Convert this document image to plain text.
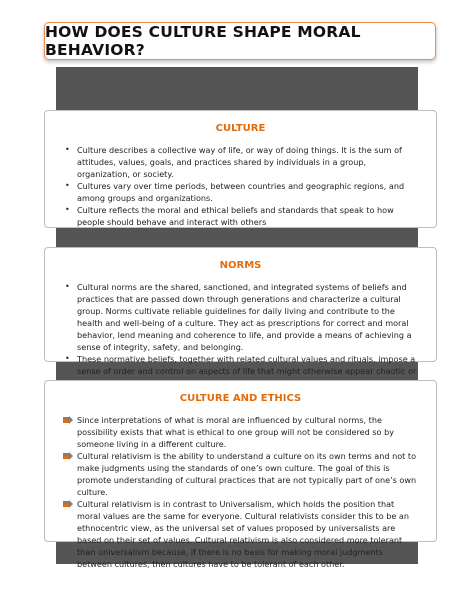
HOW DOES CULTURE SHAPE MORAL BEHAVIOR?
CULTURE
• Culture describes a collective way of life, or way of doing things. It is the sum of attitudes, values, goals, and practices shared by individuals in a group, organization, or society.
• Cultures vary over time periods, between countries and geographic regions, and among groups and organizations.
• Culture reflects the moral and ethical beliefs and standards that speak to how people should behave and interact with others
NORMS
• Cultural norms are the shared, sanctioned, and integrated systems of beliefs and practices that are passed down through generations and characterize a cultural group. Norms cultivate reliable guidelines for daily living and contribute to the health and well-being of a culture. They act as prescriptions for correct and moral behavior, lend meaning and coherence to life, and provide a means of achieving a sense of integrity, safety, and belonging.
• These normative beliefs, together with related cultural values and rituals, impose a sense of order and control on aspects of life that might otherwise appear chaotic or
CULTURE AND ETHICS
Since interpretations of what is moral are influenced by cultural norms, the possibility exists that what is ethical to one group will not be considered so by someone living in a different culture.
Cultural relativism is the ability to understand a culture on its own terms and not to make judgments using the standards of one’s own culture. The goal of this is promote understanding of cultural practices that are not typically part of one’s own culture.
Cultural relativism is in contrast to Universalism, which holds the position that moral values are the same for everyone. Cultural relativists consider this to be an ethnocentric view, as the universal set of values proposed by universalists are based on their set of values. Cultural relativism is also considered more tolerant than universalism because, if there is no basis for making moral judgments between cultures, then cultures have to be tolerant of each other.
